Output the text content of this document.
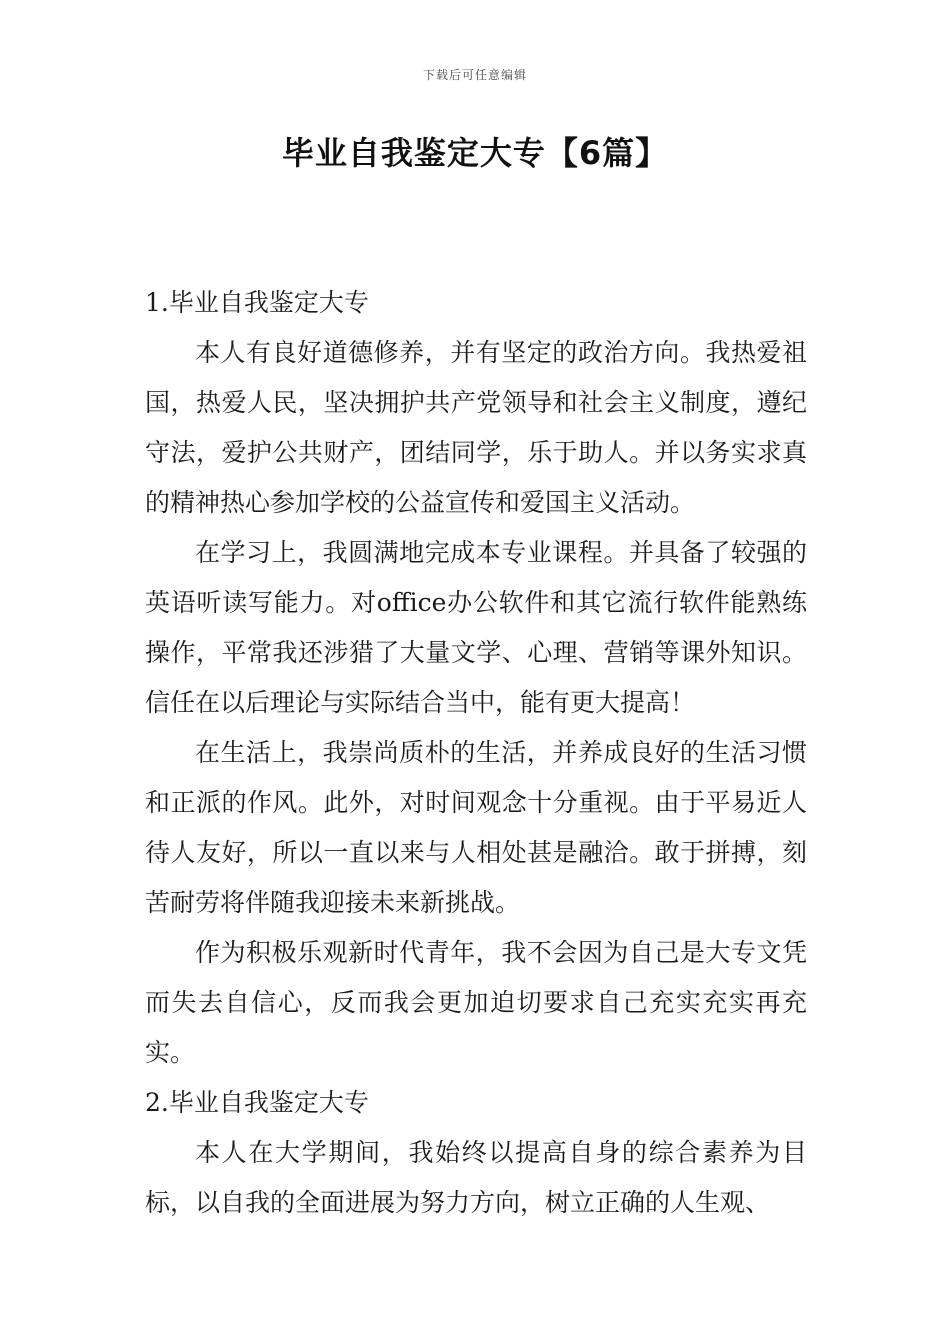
下载后可任意编辑
毕业自我鉴定大专【6篇】
1.毕业自我鉴定大专

本人有良好道德修养，并有坚定的政治方向。我热爱祖国，热爱人民，坚决拥护共产党领导和社会主义制度，遵纪守法，爱护公共财产，团结同学，乐于助人。并以务实求真的精神热心参加学校的公益宣传和爱国主义活动。

在学习上，我圆满地完成本专业课程。并具备了较强的英语听读写能力。对office办公软件和其它流行软件能熟练操作，平常我还涉猎了大量文学、心理、营销等课外知识。信任在以后理论与实际结合当中，能有更大提高！

在生活上，我崇尚质朴的生活，并养成良好的生活习惯和正派的作风。此外，对时间观念十分重视。由于平易近人待人友好，所以一直以来与人相处甚是融洽。敢于拼搏，刻苦耐劳将伴随我迎接未来新挑战。

作为积极乐观新时代青年，我不会因为自己是大专文凭而失去自信心，反而我会更加迫切要求自己充实充实再充实。

2.毕业自我鉴定大专

本人在大学期间，我始终以提高自身的综合素养为目标，以自我的全面进展为努力方向，树立正确的人生观、
